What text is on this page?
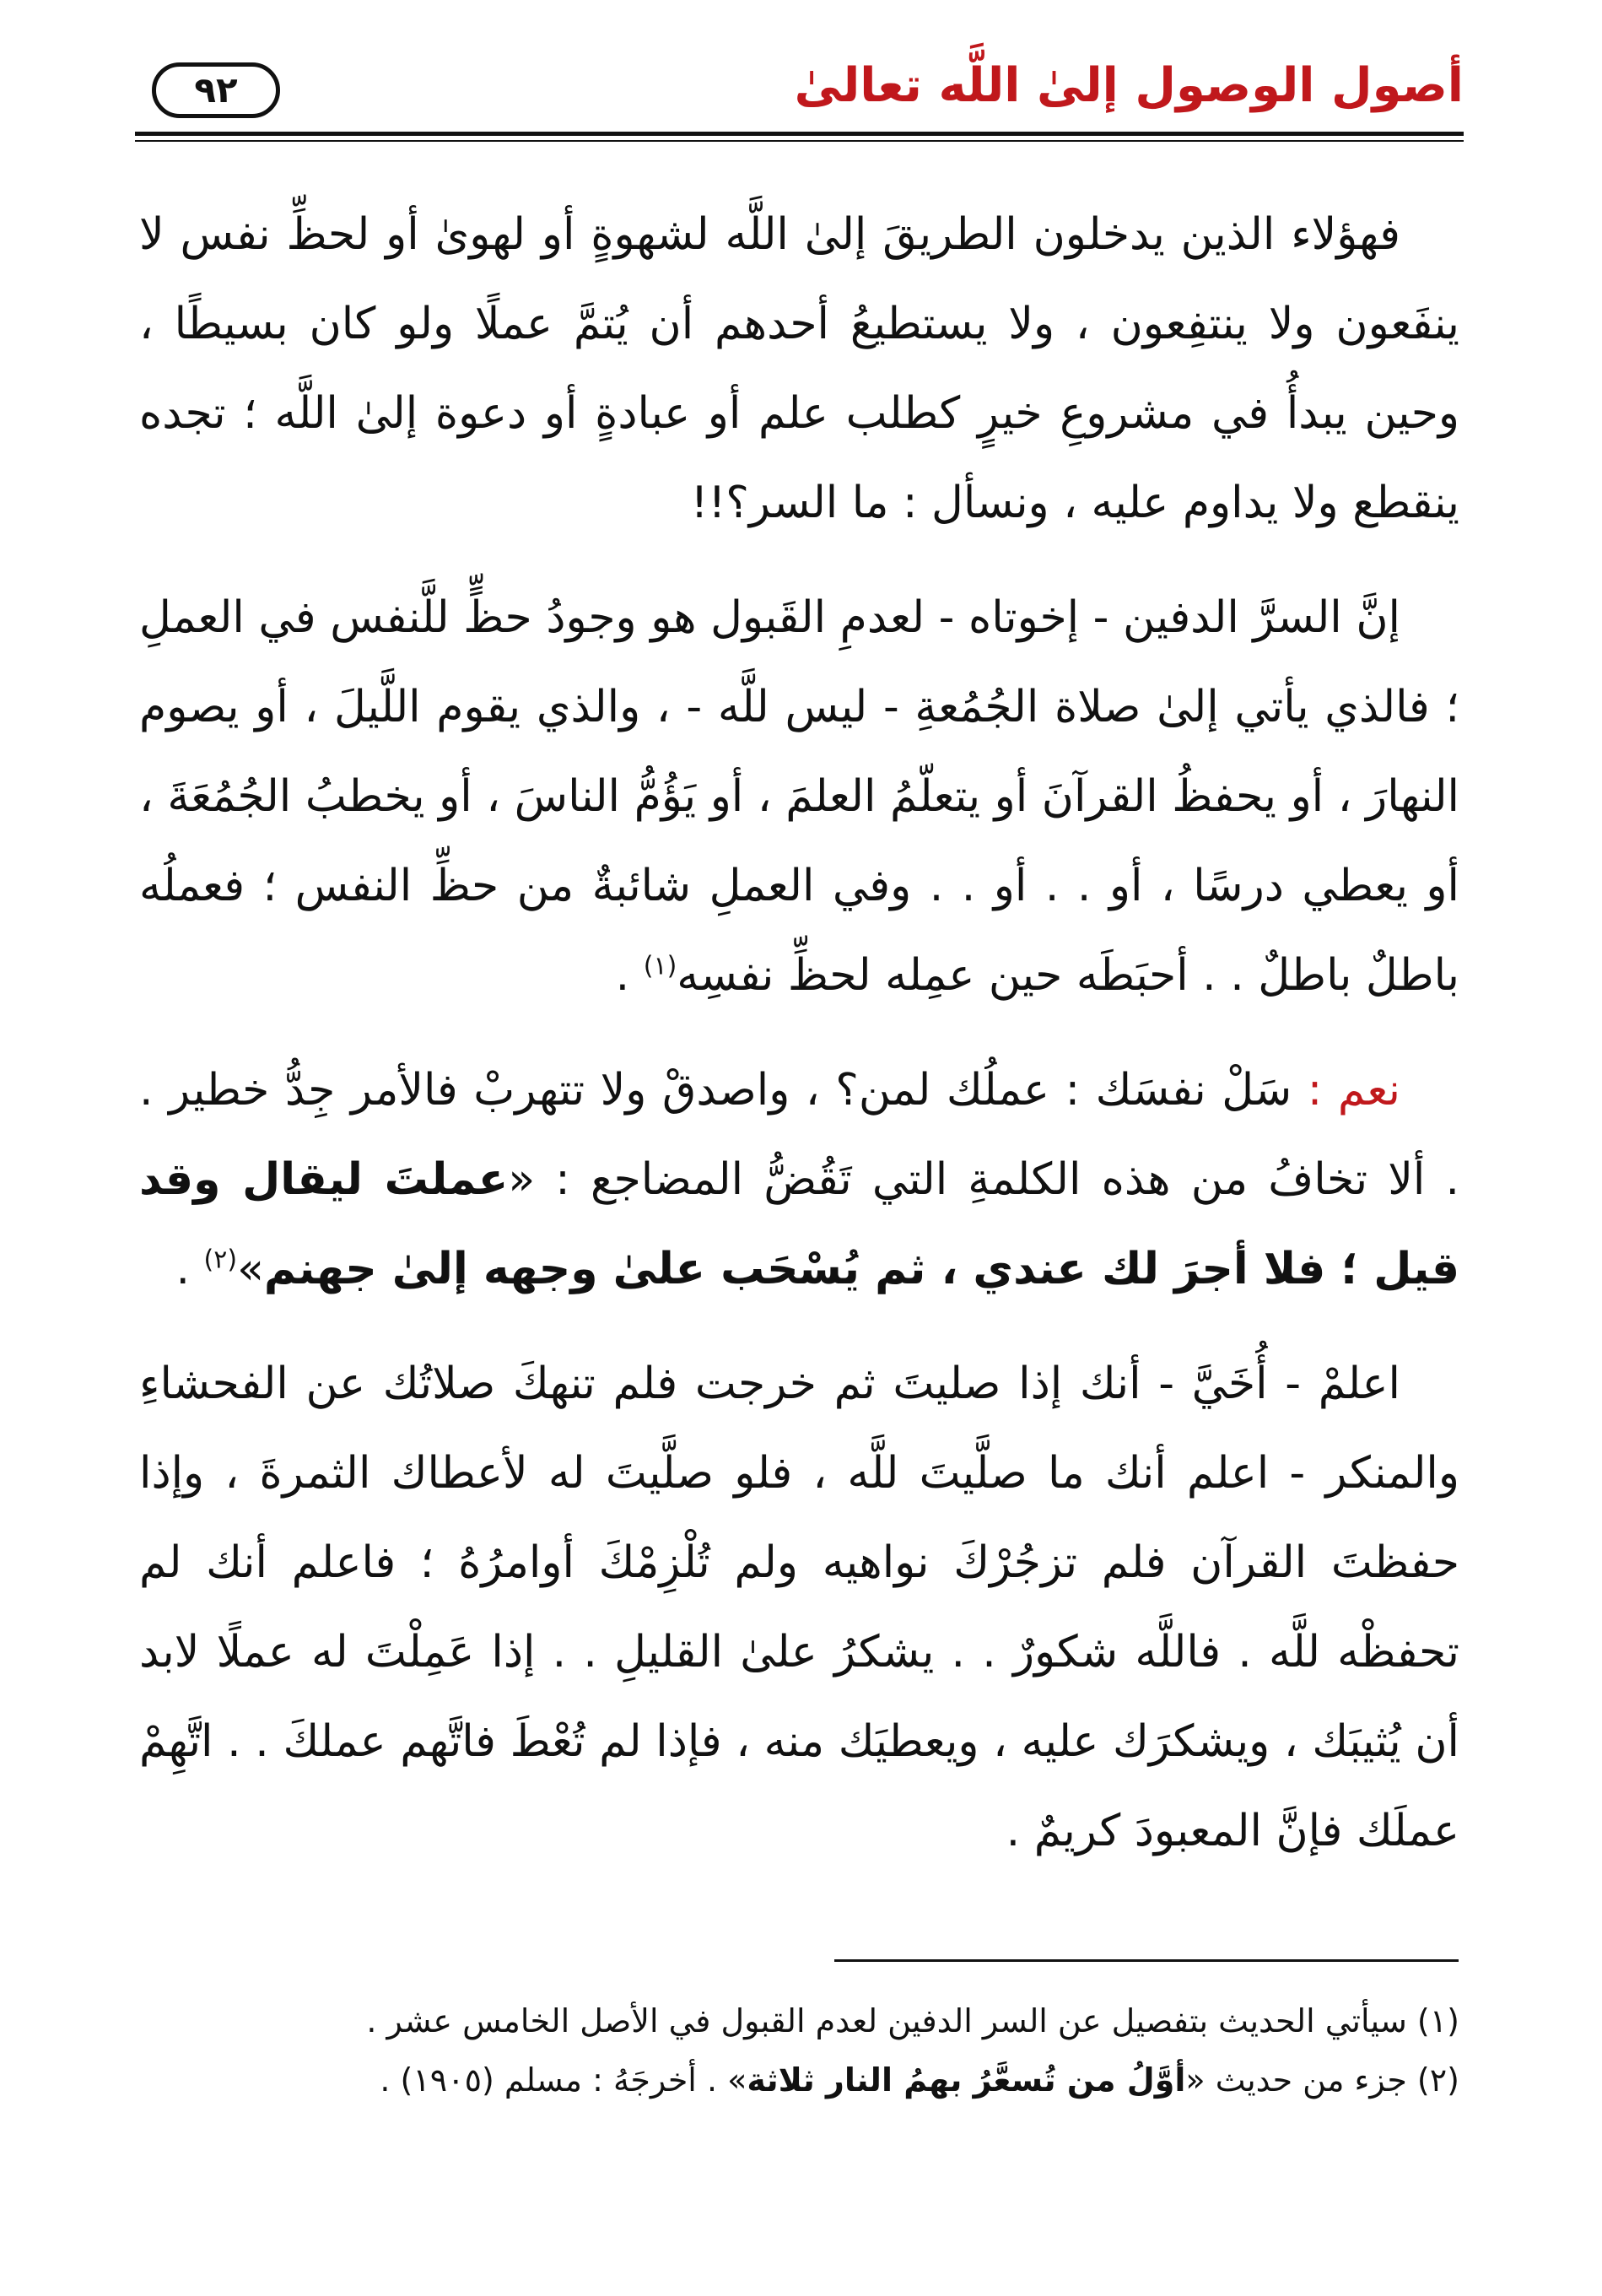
أصول الوصول إلىٰ اللَّه تعالىٰ
٩٢

فهؤلاء الذين يدخلون الطريقَ إلىٰ اللَّه لشهوةٍ أو لهوىٰ أو لحظِّ نفس لا ينفَعون ولا ينتفِعون ، ولا يستطيعُ أحدهم أن يُتمَّ عملًا ولو كان بسيطًا ، وحين يبدأُ في مشروعِ خيرٍ كطلب علم أو عبادةٍ أو دعوة إلىٰ اللَّه ؛ تجده ينقطع ولا يداوم عليه ، ونسأل : ما السر؟!!

إنَّ السرَّ الدفين - إخوتاه - لعدمِ القَبول هو وجودُ حظٍّ للَّنفس في العملِ ؛ فالذي يأتي إلىٰ صلاة الجُمُعةِ - ليس للَّه - ، والذي يقوم اللَّيلَ ، أو يصوم النهارَ ، أو يحفظُ القرآنَ أو يتعلّمُ العلمَ ، أو يَؤُمُّ الناسَ ، أو يخطبُ الجُمُعَةَ ، أو يعطي درسًا ، أو . . أو . . وفي العملِ شائبةٌ من حظِّ النفس ؛ فعملُه باطلٌ باطلٌ . . أحبَطَه حين عمِله لحظِّ نفسِه$^{(١)}$ .

نعم : سَلْ نفسَك : عملُك لمن؟ ، واصدقْ ولا تتهربْ فالأمر جِدُّ خطير . . ألا تخافُ من هذه الكلمةِ التي تَقُضُّ المضاجع : «عملتَ ليقال وقد قيل ؛ فلا أجرَ لك عندي ، ثم يُسْحَب علىٰ وجهه إلىٰ جهنم»$^{(٢)}$ .

اعلمْ - أُخَيَّ - أنك إذا صليتَ ثم خرجت فلم تنهكَ صلاتُك عن الفحشاءِ والمنكر - اعلم أنك ما صلَّيتَ للَّه ، فلو صلَّيتَ له لأعطاك الثمرةَ ، وإذا حفظتَ القرآن فلم تزجُرْكَ نواهيه ولم تُلْزِمْكَ أوامرُهُ ؛ فاعلم أنك لم تحفظْه للَّه . فاللَّه شكورٌ . . يشكرُ علىٰ القليلِ . . إذا عَمِلْتَ له عملًا لابد أن يُثيبَك ، ويشكرَك عليه ، ويعطيَك منه ، فإذا لم تُعْطَ فاتَّهم عملكَ . . اتَّهِمْ عملَك فإنَّ المعبودَ كريمٌ .

(١) سيأتي الحديث بتفصيل عن السر الدفين لعدم القبول في الأصل الخامس عشر .

(٢) جزء من حديث «أوَّلُ من تُسعَّرُ بهمُ النار ثلاثة» . أخرجَهُ : مسلم (١٩٠٥) .
